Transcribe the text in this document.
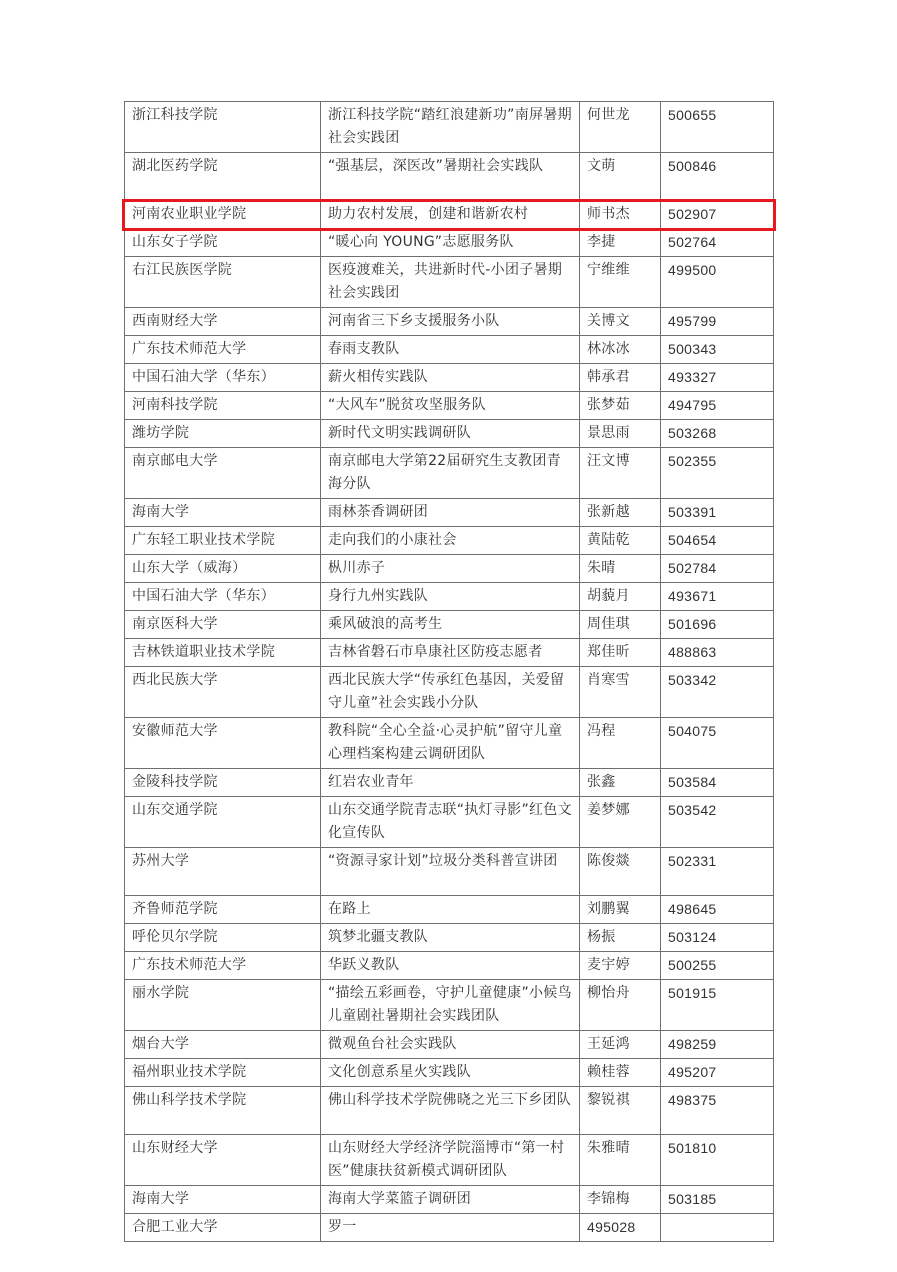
浙江科技学院	浙江科技学院“踏红浪建新功”南屏暑期社会实践团	何世龙	500655
湖北医药学院	“强基层，深医改”暑期社会实践队	文萌	500846
河南农业职业学院	助力农村发展，创建和谐新农村	师书杰	502907
山东女子学院	“暖心向 YOUNG”志愿服务队	李捷	502764
右江民族医学院	医疫渡难关，共进新时代-小团子暑期社会实践团	宁维维	499500
西南财经大学	河南省三下乡支援服务小队	关博文	495799
广东技术师范大学	春雨支教队	林冰冰	500343
中国石油大学（华东）	薪火相传实践队	韩承君	493327
河南科技学院	“大风车”脱贫攻坚服务队	张梦茹	494795
潍坊学院	新时代文明实践调研队	景思雨	503268
南京邮电大学	南京邮电大学第22届研究生支教团青海分队	汪文博	502355
海南大学	雨林茶香调研团	张新越	503391
广东轻工职业技术学院	走向我们的小康社会	黄陆乾	504654
山东大学（威海）	枞川赤子	朱晴	502784
中国石油大学（华东）	身行九州实践队	胡藐月	493671
南京医科大学	乘风破浪的高考生	周佳琪	501696
吉林铁道职业技术学院	吉林省磐石市阜康社区防疫志愿者	郑佳昕	488863
西北民族大学	西北民族大学“传承红色基因，关爱留守儿童”社会实践小分队	肖寒雪	503342
安徽师范大学	教科院“全心全益·心灵护航”留守儿童心理档案构建云调研团队	冯程	504075
金陵科技学院	红岩农业青年	张鑫	503584
山东交通学院	山东交通学院青志联“执灯寻影”红色文化宣传队	姜梦娜	503542
苏州大学	“资源寻家计划”垃圾分类科普宣讲团	陈俊燚	502331
齐鲁师范学院	在路上	刘鹏翼	498645
呼伦贝尔学院	筑梦北疆支教队	杨振	503124
广东技术师范大学	华跃义教队	麦宇婷	500255
丽水学院	“描绘五彩画卷，守护儿童健康”小候鸟儿童剧社暑期社会实践团队	柳怡舟	501915
烟台大学	微观鱼台社会实践队	王延鸿	498259
福州职业技术学院	文化创意系星火实践队	赖桂蓉	495207
佛山科学技术学院	佛山科学技术学院佛晓之光三下乡团队	黎锐祺	498375
山东财经大学	山东财经大学经济学院淄博市“第一村医”健康扶贫新模式调研团队	朱雅晴	501810
海南大学	海南大学菜篮子调研团	李锦梅	503185
合肥工业大学	罗一	495028	
